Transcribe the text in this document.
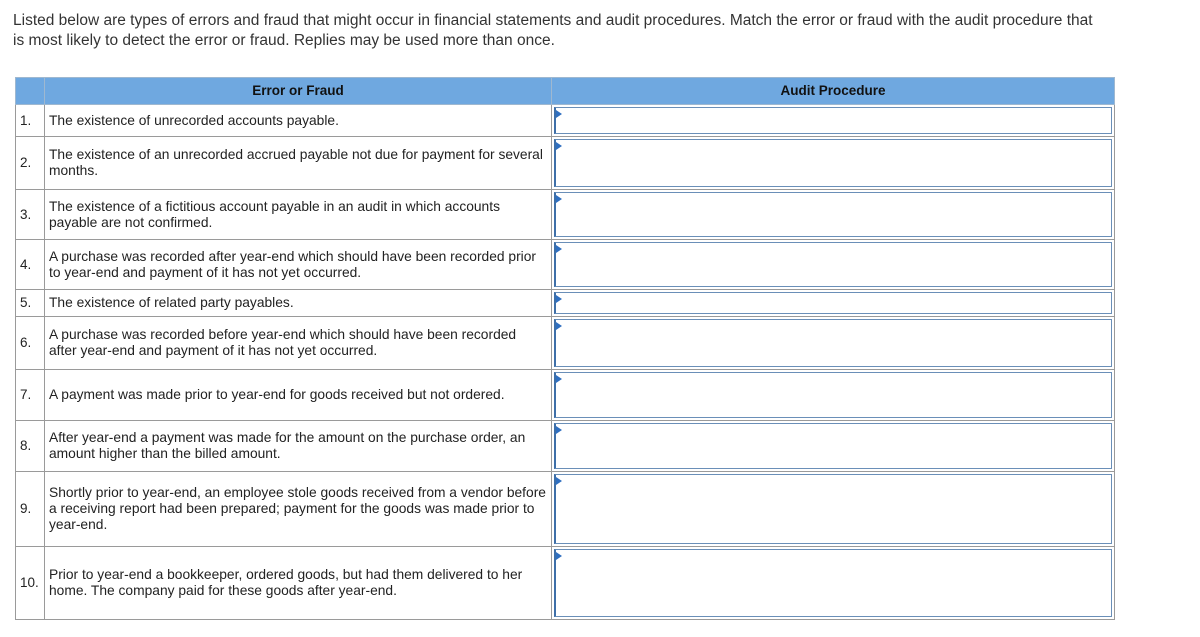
Listed below are types of errors and fraud that might occur in financial statements and audit procedures. Match the error or fraud with the audit procedure that is most likely to detect the error or fraud. Replies may be used more than once.
	Error or Fraud	Audit Procedure
1.	The existence of unrecorded accounts payable.	

2.	The existence of an unrecorded accrued payable not due for payment for several months.	

3.	The existence of a fictitious account payable in an audit in which accounts payable are not confirmed.	

4.	A purchase was recorded after year-end which should have been recorded prior to year-end and payment of it has not yet occurred.	

5.	The existence of related party payables.	

6.	A purchase was recorded before year-end which should have been recorded after year-end and payment of it has not yet occurred.	

7.	A payment was made prior to year-end for goods received but not ordered.	

8.	After year-end a payment was made for the amount on the purchase order, an amount higher than the billed amount.	

9.	Shortly prior to year-end, an employee stole goods received from a vendor before a receiving report had been prepared; payment for the goods was made prior to year-end.	

10.	Prior to year-end a bookkeeper, ordered goods, but had them delivered to her home. The company paid for these goods after year-end.	
